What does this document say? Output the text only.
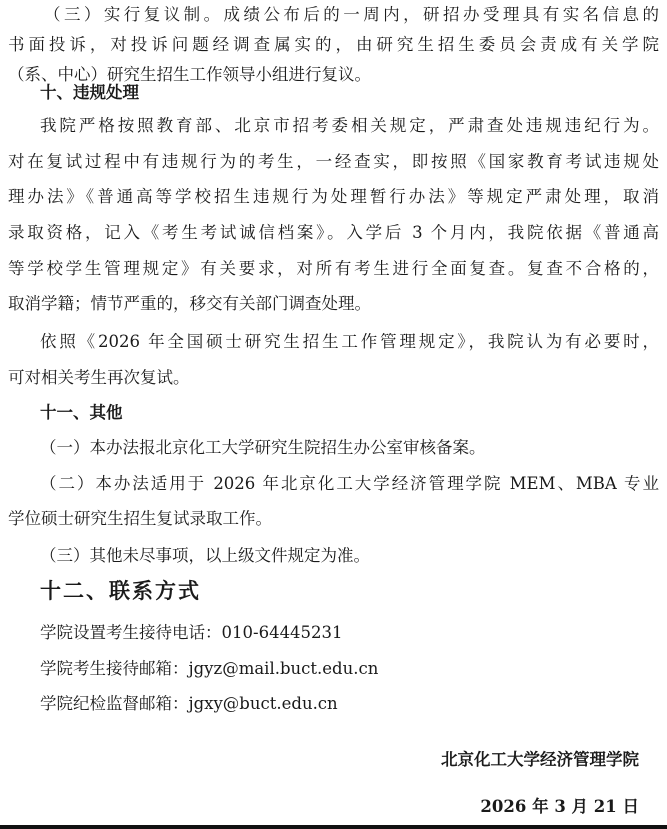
（三）实行复议制。成绩公布后的一周内，研招办受理具有实名信息的
书面投诉，对投诉问题经调查属实的，由研究生招生委员会责成有关学院
（系、中心）研究生招生工作领导小组进行复议。
十、违规处理
我院严格按照教育部、北京市招考委相关规定，严肃查处违规违纪行为。
对在复试过程中有违规行为的考生，一经查实，即按照《国家教育考试违规处
理办法》《普通高等学校招生违规行为处理暂行办法》等规定严肃处理，取消
录取资格，记入《考生考试诚信档案》。入学后 3 个月内，我院依据《普通高
等学校学生管理规定》有关要求，对所有考生进行全面复查。复查不合格的，
取消学籍；情节严重的，移交有关部门调查处理。
依照《2026 年全国硕士研究生招生工作管理规定》，我院认为有必要时，
可对相关考生再次复试。
十一、其他
（一）本办法报北京化工大学研究生院招生办公室审核备案。
（二）本办法适用于 2026 年北京化工大学经济管理学院 MEM、MBA 专业
学位硕士研究生招生复试录取工作。
（三）其他未尽事项，以上级文件规定为准。
十二、联系方式
学院设置考生接待电话：010-64445231
学院考生接待邮箱：jgyz@mail.buct.edu.cn
学院纪检监督邮箱：jgxy@buct.edu.cn
北京化工大学经济管理学院
2026 年 3 月 21 日
